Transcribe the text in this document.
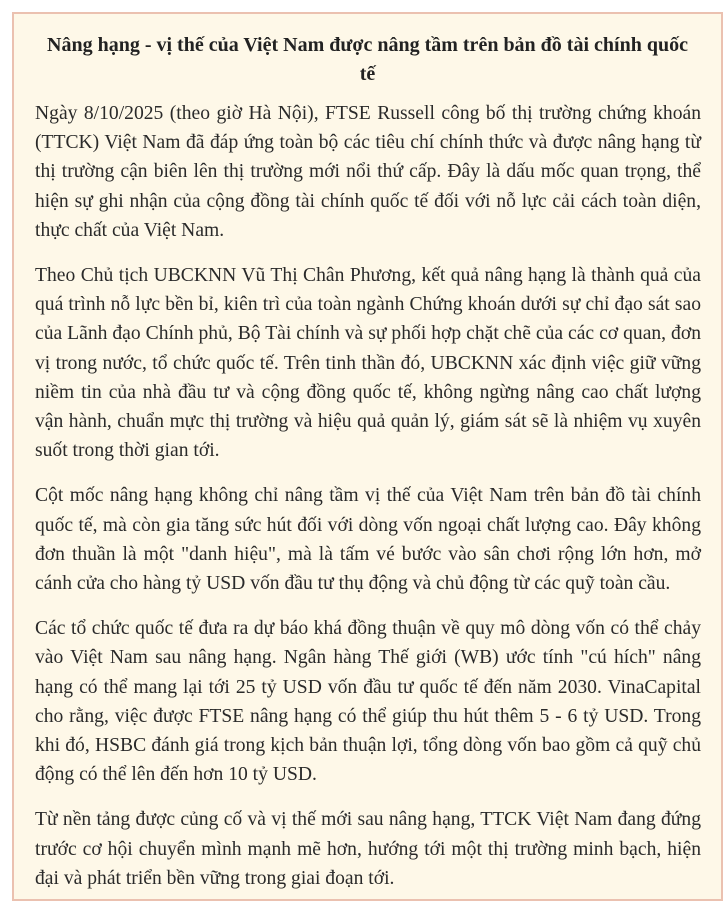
Nâng hạng - vị thế của Việt Nam được nâng tầm trên bản đồ tài chính quốc tế

Ngày 8/10/2025 (theo giờ Hà Nội), FTSE Russell công bố thị trường chứng khoán (TTCK) Việt Nam đã đáp ứng toàn bộ các tiêu chí chính thức và được nâng hạng từ thị trường cận biên lên thị trường mới nổi thứ cấp. Đây là dấu mốc quan trọng, thể hiện sự ghi nhận của cộng đồng tài chính quốc tế đối với nỗ lực cải cách toàn diện, thực chất của Việt Nam.

Theo Chủ tịch UBCKNN Vũ Thị Chân Phương, kết quả nâng hạng là thành quả của quá trình nỗ lực bền bỉ, kiên trì của toàn ngành Chứng khoán dưới sự chỉ đạo sát sao của Lãnh đạo Chính phủ, Bộ Tài chính và sự phối hợp chặt chẽ của các cơ quan, đơn vị trong nước, tổ chức quốc tế. Trên tinh thần đó, UBCKNN xác định việc giữ vững niềm tin của nhà đầu tư và cộng đồng quốc tế, không ngừng nâng cao chất lượng vận hành, chuẩn mực thị trường và hiệu quả quản lý, giám sát sẽ là nhiệm vụ xuyên suốt trong thời gian tới.

Cột mốc nâng hạng không chỉ nâng tầm vị thế của Việt Nam trên bản đồ tài chính quốc tế, mà còn gia tăng sức hút đối với dòng vốn ngoại chất lượng cao. Đây không đơn thuần là một "danh hiệu", mà là tấm vé bước vào sân chơi rộng lớn hơn, mở cánh cửa cho hàng tỷ USD vốn đầu tư thụ động và chủ động từ các quỹ toàn cầu.

Các tổ chức quốc tế đưa ra dự báo khá đồng thuận về quy mô dòng vốn có thể chảy vào Việt Nam sau nâng hạng. Ngân hàng Thế giới (WB) ước tính "cú hích" nâng hạng có thể mang lại tới 25 tỷ USD vốn đầu tư quốc tế đến năm 2030. VinaCapital cho rằng, việc được FTSE nâng hạng có thể giúp thu hút thêm 5 - 6 tỷ USD. Trong khi đó, HSBC đánh giá trong kịch bản thuận lợi, tổng dòng vốn bao gồm cả quỹ chủ động có thể lên đến hơn 10 tỷ USD.

Từ nền tảng được củng cố và vị thế mới sau nâng hạng, TTCK Việt Nam đang đứng trước cơ hội chuyển mình mạnh mẽ hơn, hướng tới một thị trường minh bạch, hiện đại và phát triển bền vững trong giai đoạn tới.
